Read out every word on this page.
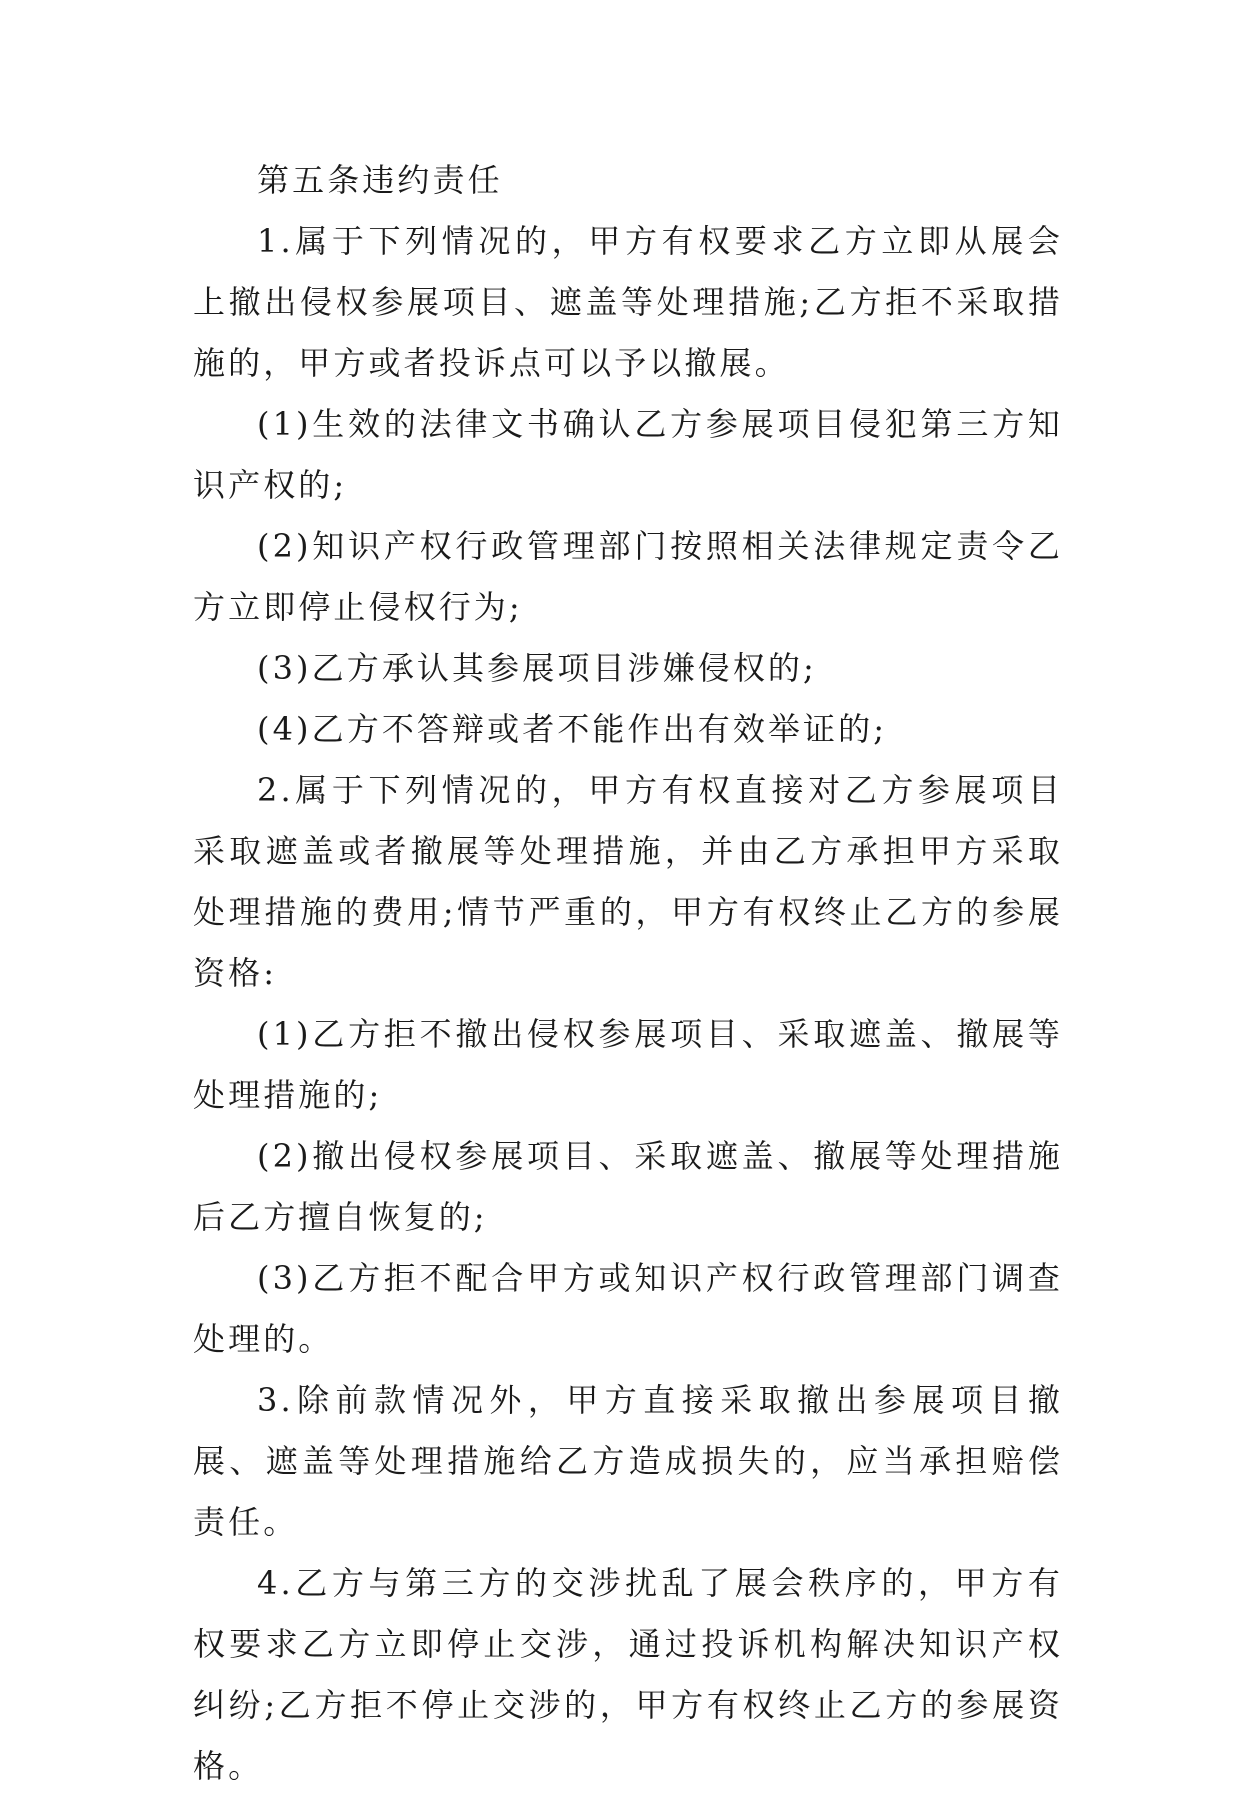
第五条违约责任

1.属于下列情况的，甲方有权要求乙方立即从展会上撤出侵权参展项目、遮盖等处理措施;乙方拒不采取措施的，甲方或者投诉点可以予以撤展。

(1)生效的法律文书确认乙方参展项目侵犯第三方知识产权的;

(2)知识产权行政管理部门按照相关法律规定责令乙方立即停止侵权行为;

(3)乙方承认其参展项目涉嫌侵权的;

(4)乙方不答辩或者不能作出有效举证的;

2.属于下列情况的，甲方有权直接对乙方参展项目采取遮盖或者撤展等处理措施，并由乙方承担甲方采取处理措施的费用;情节严重的，甲方有权终止乙方的参展资格:

(1)乙方拒不撤出侵权参展项目、采取遮盖、撤展等处理措施的;

(2)撤出侵权参展项目、采取遮盖、撤展等处理措施后乙方擅自恢复的;

(3)乙方拒不配合甲方或知识产权行政管理部门调查处理的。

3.除前款情况外，甲方直接采取撤出参展项目撤展、遮盖等处理措施给乙方造成损失的，应当承担赔偿责任。

4.乙方与第三方的交涉扰乱了展会秩序的，甲方有权要求乙方立即停止交涉，通过投诉机构解决知识产权纠纷;乙方拒不停止交涉的，甲方有权终止乙方的参展资格。
